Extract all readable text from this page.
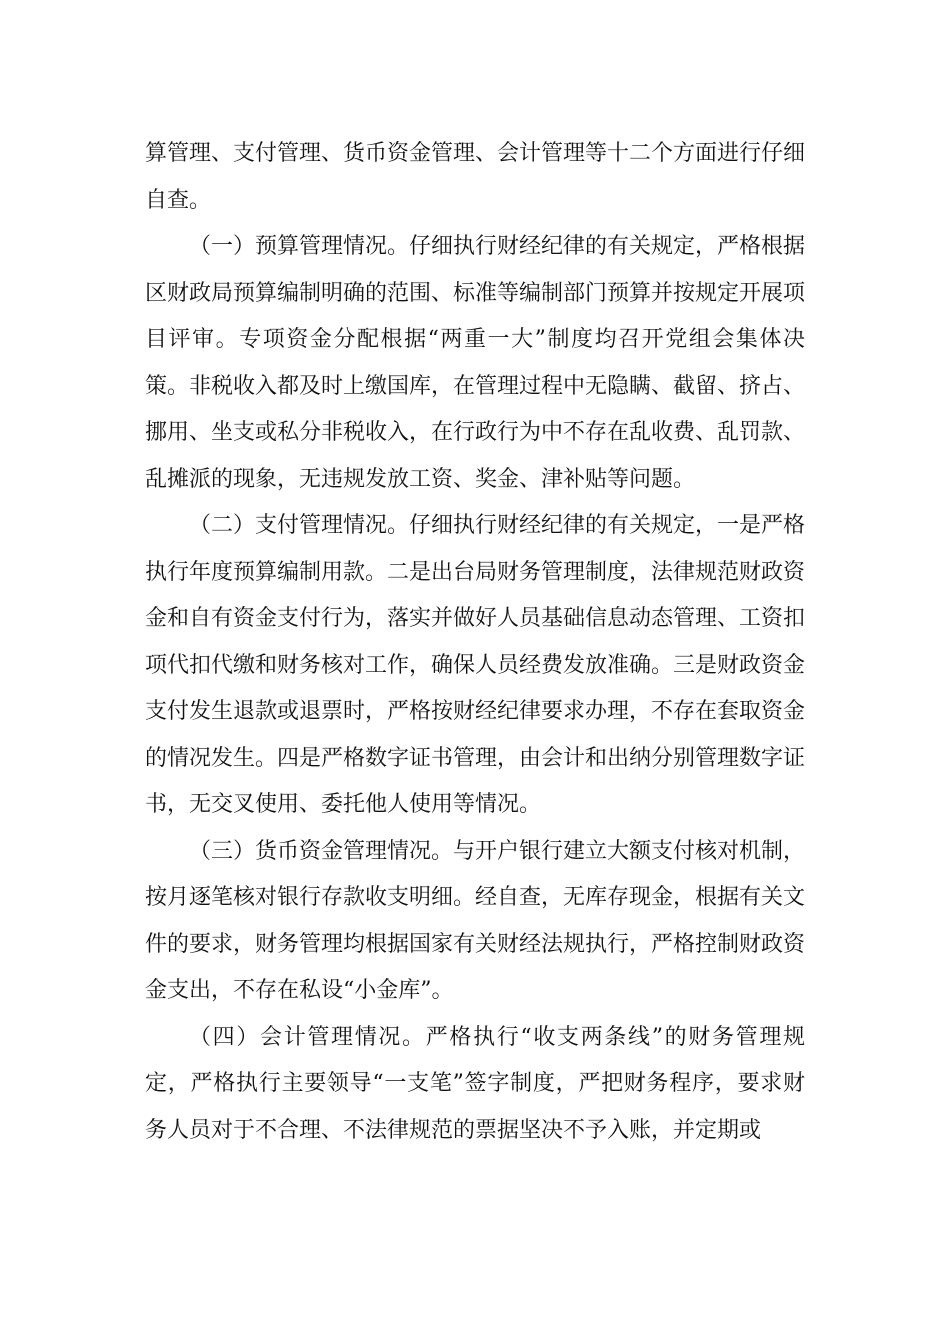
算管理、支付管理、货币资金管理、会计管理等十二个方面进行仔细自查。

（一）预算管理情况。仔细执行财经纪律的有关规定，严格根据区财政局预算编制明确的范围、标准等编制部门预算并按规定开展项目评审。专项资金分配根据“两重一大”制度均召开党组会集体决策。非税收入都及时上缴国库，在管理过程中无隐瞒、截留、挤占、挪用、坐支或私分非税收入，在行政行为中不存在乱收费、乱罚款、乱摊派的现象，无违规发放工资、奖金、津补贴等问题。

（二）支付管理情况。仔细执行财经纪律的有关规定，一是严格执行年度预算编制用款。二是出台局财务管理制度，法律规范财政资金和自有资金支付行为，落实并做好人员基础信息动态管理、工资扣项代扣代缴和财务核对工作，确保人员经费发放准确。三是财政资金支付发生退款或退票时，严格按财经纪律要求办理，不存在套取资金的情况发生。四是严格数字证书管理，由会计和出纳分别管理数字证书，无交叉使用、委托他人使用等情况。

（三）货币资金管理情况。与开户银行建立大额支付核对机制，按月逐笔核对银行存款收支明细。经自查，无库存现金，根据有关文件的要求，财务管理均根据国家有关财经法规执行，严格控制财政资金支出，不存在私设“小金库”。

（四）会计管理情况。严格执行“收支两条线”的财务管理规定，严格执行主要领导“一支笔”签字制度，严把财务程序，要求财务人员对于不合理、不法律规范的票据坚决不予入账，并定期或
